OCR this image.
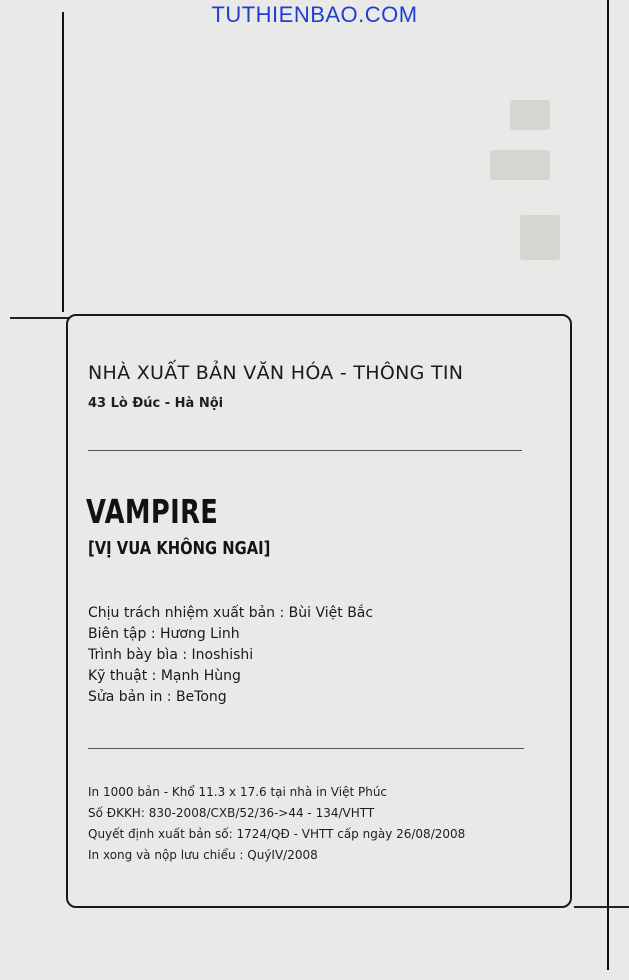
TUTHIENBAO.COM
NHÀ XUẤT BẢN VĂN HÓA - THÔNG TIN
43 Lò Đúc - Hà Nội
VAMPIRE
[VỊ VUA KHÔNG NGAI]
Chịu trách nhiệm xuất bản : Bùi Việt Bắc
Biên tập : Hương Linh
Trình bày bìa : Inoshishi
Kỹ thuật : Mạnh Hùng
Sửa bản in : BeTong
In 1000 bản - Khổ 11.3 x 17.6 tại nhà in Việt Phúc
Số ĐKKH: 830-2008/CXB/52/36->44 - 134/VHTT
Quyết định xuất bản số: 1724/QĐ - VHTT cấp ngày 26/08/2008
In xong và nộp lưu chiểu : QuýIV/2008
